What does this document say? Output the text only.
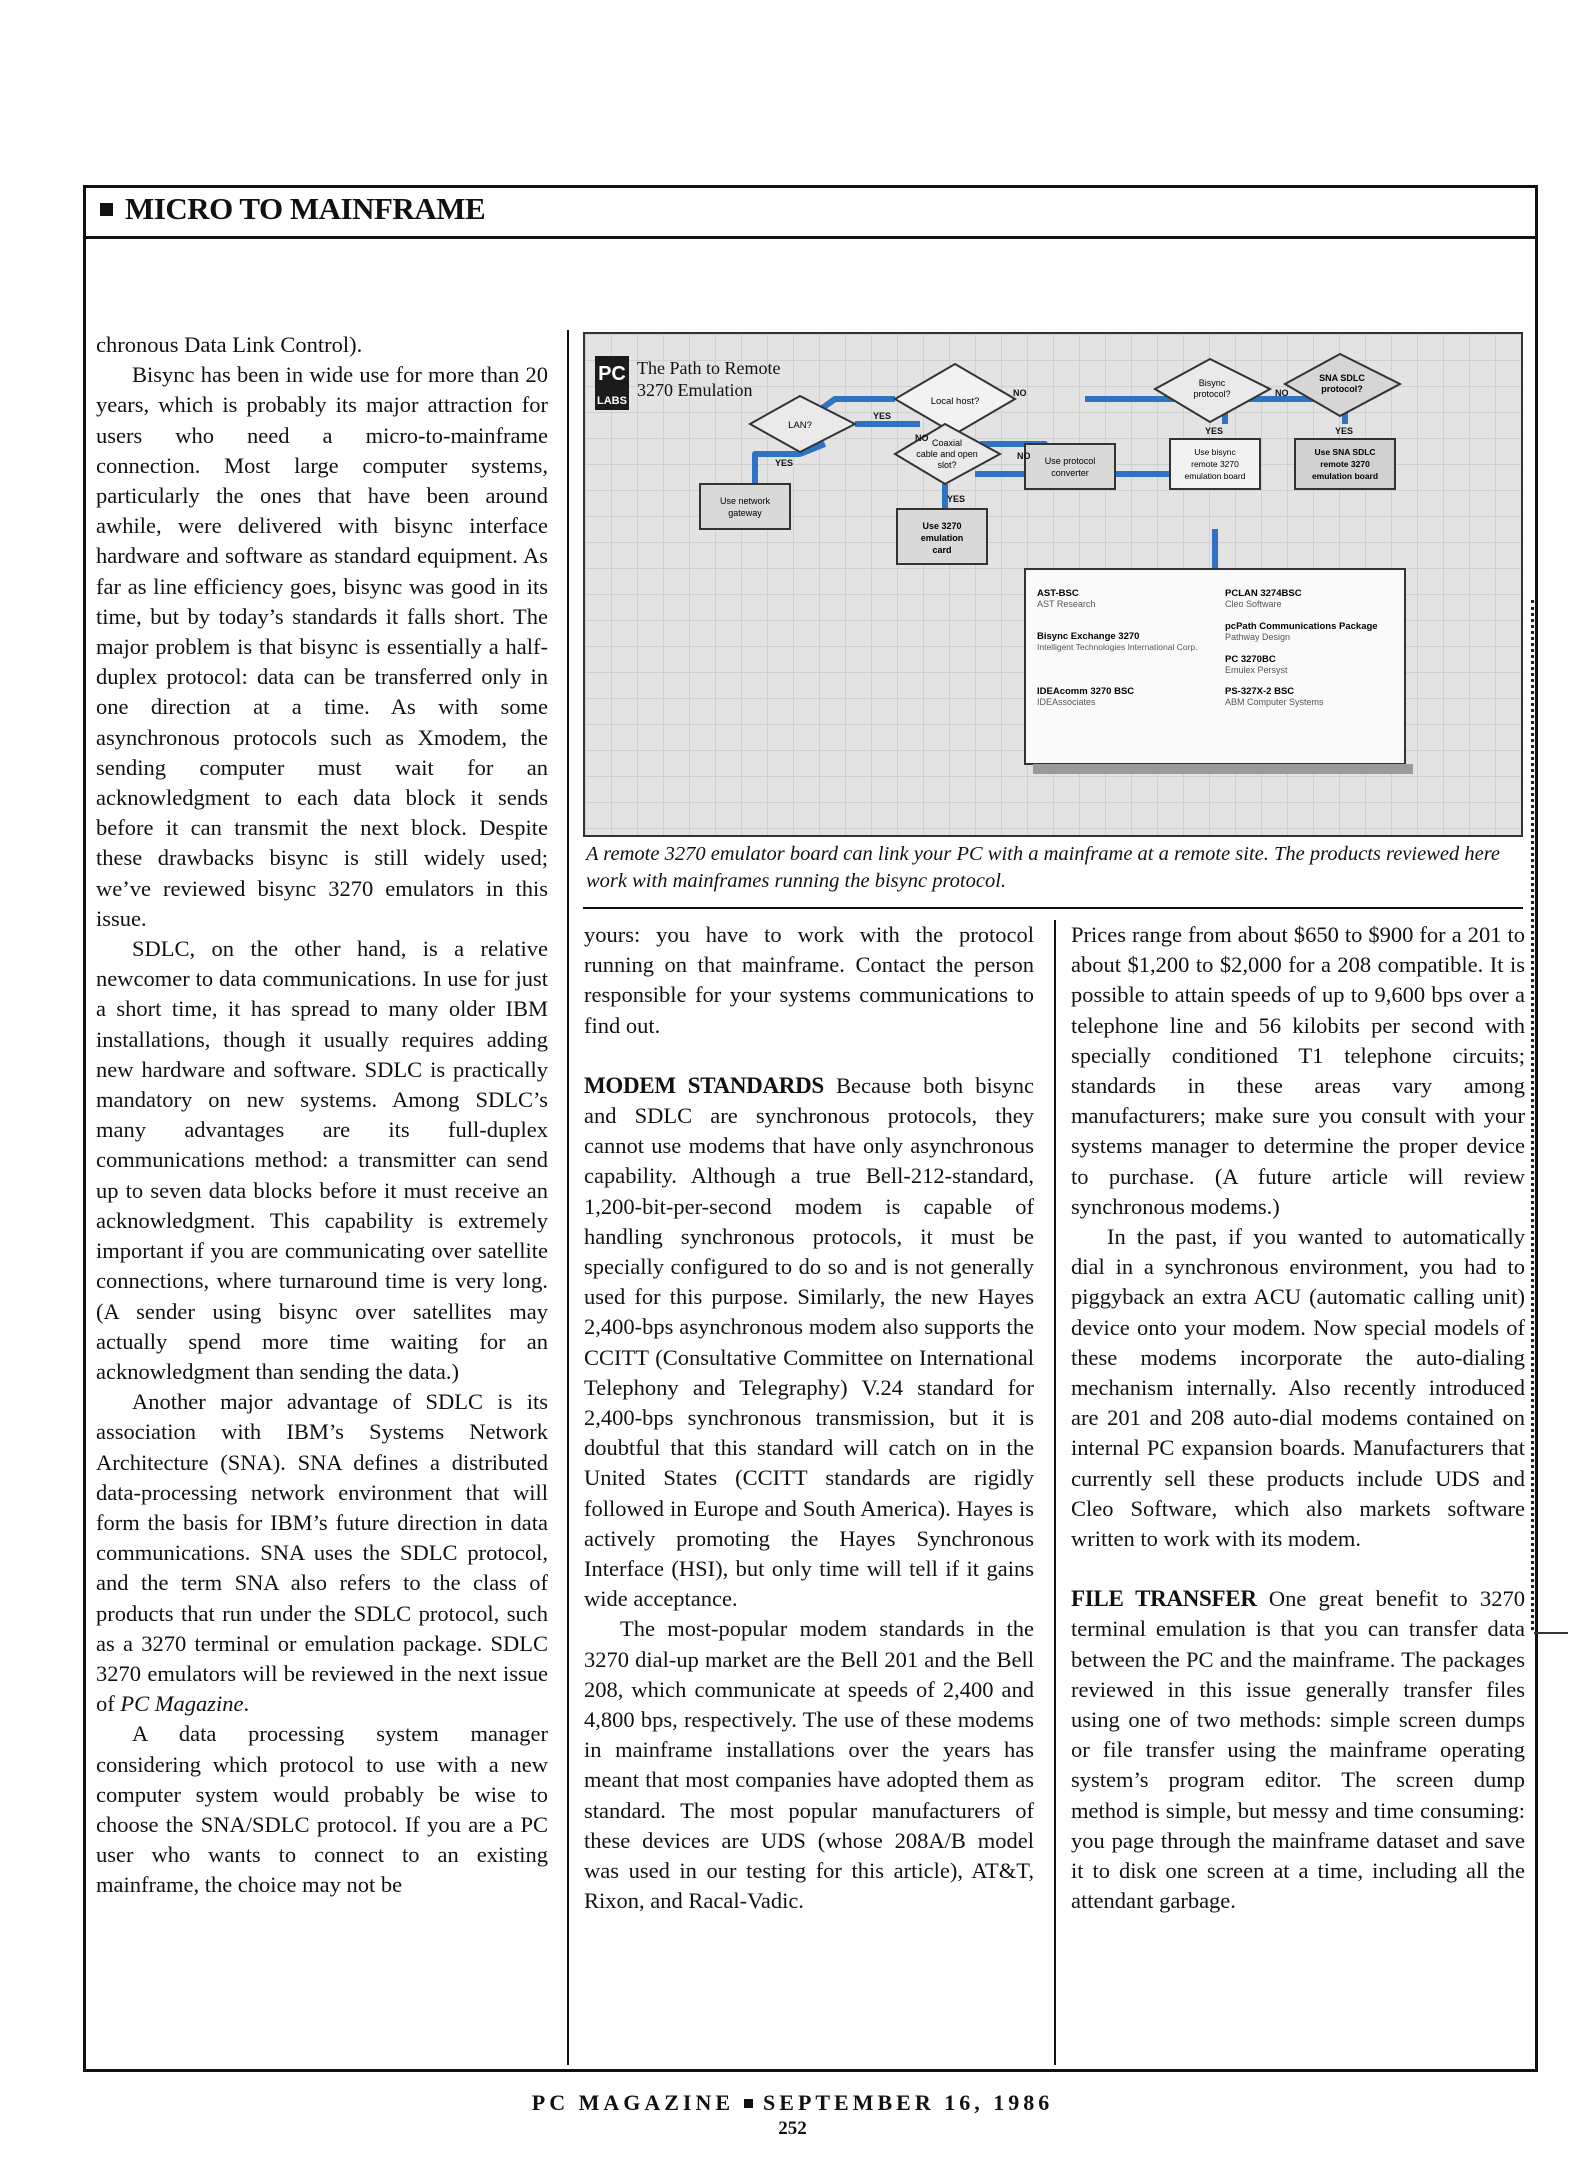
MICRO TO MAINFRAME

chronous Data Link Control).

Bisync has been in wide use for more than 20 years, which is probably its major attraction for users who need a micro-to-mainframe connection. Most large computer systems, particularly the ones that have been around awhile, were delivered with bisync interface hardware and software as standard equipment. As far as line efficiency goes, bisync was good in its time, but by today’s standards it falls short. The major problem is that bisync is essentially a half-duplex protocol: data can be transferred only in one direction at a time. As with some asynchronous protocols such as Xmodem, the sending computer must wait for an acknowledgment to each data block it sends before it can transmit the next block. Despite these drawbacks bisync is still widely used; we’ve reviewed bisync 3270 emulators in this issue.

SDLC, on the other hand, is a relative newcomer to data communications. In use for just a short time, it has spread to many older IBM installations, though it usually requires adding new hardware and software. SDLC is practically mandatory on new systems. Among SDLC’s many advantages are its full-duplex communications method: a transmitter can send up to seven data blocks before it must receive an acknowledgment. This capability is extremely important if you are communicating over satellite connections, where turnaround time is very long. (A sender using bisync over satellites may actually spend more time waiting for an acknowledgment than sending the data.)

Another major advantage of SDLC is its association with IBM’s Systems Network Architecture (SNA). SNA defines a distributed data-processing network environment that will form the basis for IBM’s future direction in data communications. SNA uses the SDLC protocol, and the term SNA also refers to the class of products that run under the SDLC protocol, such as a 3270 terminal or emulation package. SDLC 3270 emulators will be reviewed in the next issue of PC Magazine.

A data processing system manager considering which protocol to use with a new computer system would probably be wise to choose the SNA/SDLC protocol. If you are a PC user who wants to connect to an existing mainframe, the choice may not be

PC
LABS
The Path to Remote
3270 Emulation
Local host?
LAN?
Coaxial
cable and open
slot?
Bisync
protocol?
SNA SDLC
protocol?
Use network
gateway
Use 3270
emulation
card
Use protocol
converter
Use bisync
remote 3270
emulation board
Use SNA SDLC
remote 3270
emulation board
YES
NO
YES
NO
NO
YES
NO
YES	YES
AST-BSC
AST Research
Bisync Exchange 3270
Intelligent Technologies International Corp.
IDEAcomm 3270 BSC
IDEAssociates
PCLAN 3274BSC
Cleo Software
pcPath Communications Package
Pathway Design
PC 3270BC
Emulex Persyst
PS-327X-2 BSC
ABM Computer Systems
A remote 3270 emulator board can link your PC with a mainframe at a remote site. The products reviewed here work with mainframes running the bisync protocol.

yours: you have to work with the protocol running on that mainframe. Contact the person responsible for your systems communications to find out.

MODEM STANDARDS Because both bisync and SDLC are synchronous protocols, they cannot use modems that have only asynchronous capability. Although a true Bell-212-standard, 1,200-bit-per-second modem is capable of handling synchronous protocols, it must be specially configured to do so and is not generally used for this purpose. Similarly, the new Hayes 2,400-bps asynchronous modem also supports the CCITT (Consultative Committee on International Telephony and Telegraphy) V.24 standard for 2,400-bps synchronous transmission, but it is doubtful that this standard will catch on in the United States (CCITT standards are rigidly followed in Europe and South America). Hayes is actively promoting the Hayes Synchronous Interface (HSI), but only time will tell if it gains wide acceptance.

The most-popular modem standards in the 3270 dial-up market are the Bell 201 and the Bell 208, which communicate at speeds of 2,400 and 4,800 bps, respectively. The use of these modems in mainframe installations over the years has meant that most companies have adopted them as standard. The most popular manufacturers of these devices are UDS (whose 208A/B model was used in our testing for this article), AT&T, Rixon, and Racal-Vadic.

Prices range from about $650 to $900 for a 201 to about $1,200 to $2,000 for a 208 compatible. It is possible to attain speeds of up to 9,600 bps over a telephone line and 56 kilobits per second with specially conditioned T1 telephone circuits; standards in these areas vary among manufacturers; make sure you consult with your systems manager to determine the proper device to purchase. (A future article will review synchronous modems.)

In the past, if you wanted to automatically dial in a synchronous environment, you had to piggyback an extra ACU (automatic calling unit) device onto your modem. Now special models of these modems incorporate the auto-dialing mechanism internally. Also recently introduced are 201 and 208 auto-dial modems contained on internal PC expansion boards. Manufacturers that currently sell these products include UDS and Cleo Software, which also markets software written to work with its modem.

FILE TRANSFER One great benefit to 3270 terminal emulation is that you can transfer data between the PC and the mainframe. The packages reviewed in this issue generally transfer files using one of two methods: simple screen dumps or file transfer using the mainframe operating system’s program editor. The screen dump method is simple, but messy and time consuming: you page through the mainframe dataset and save it to disk one screen at a time, including all the attendant garbage.

PC MAGAZINE SEPTEMBER 16, 1986
252
